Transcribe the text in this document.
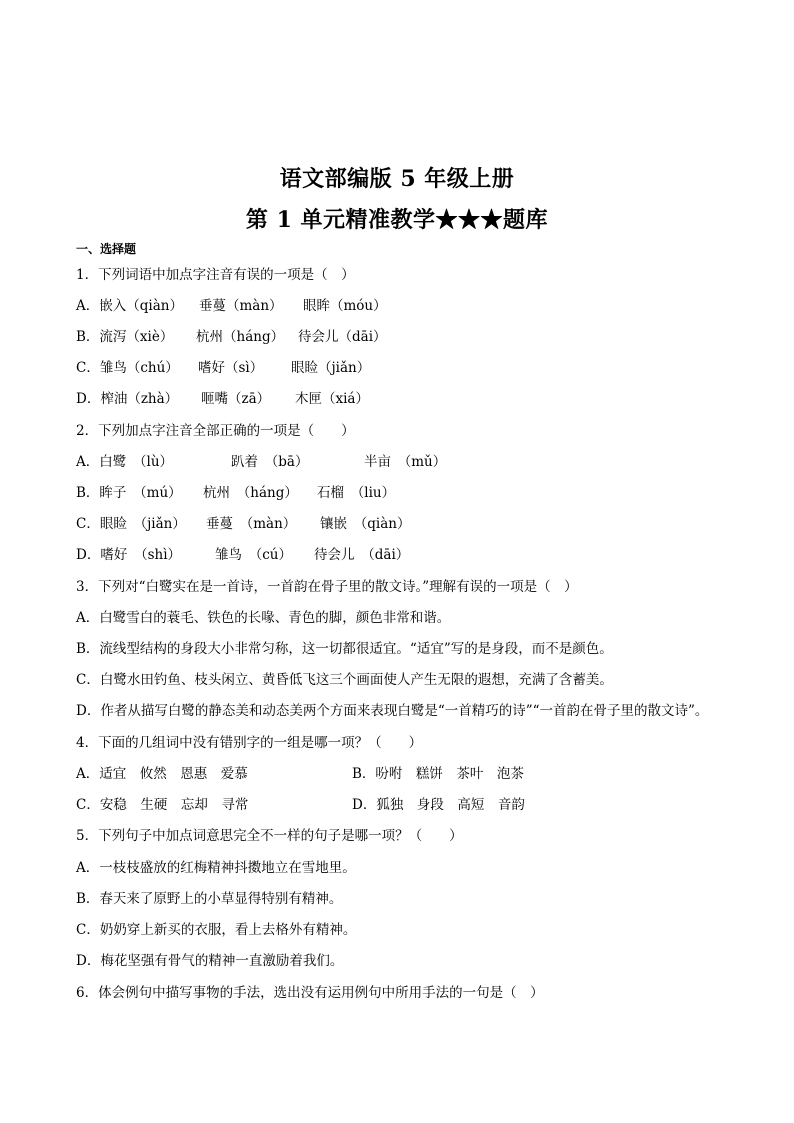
语文部编版 5 年级上册
第 1 单元精准教学★★★题库
一、选择题
1．下列词语中加点字注音有误的一项是（　）
A．嵌入（qiàn） 垂蔓（màn） 眼眸（móu）
B．流泻（xiè） 杭州（háng） 待会儿（dāi）
C．雏鸟（chú） 嗜好（sì） 眼睑（jiǎn）
D．榨油（zhà） 咂嘴（zā） 木匣（xiá）
2．下列加点字注音全部正确的一项是（　　）
A．白鹭　（lù）	趴着　（bā）	半亩　（mǔ）
B．眸子　（mú） 杭州　（háng） 石榴　（liu）
C．眼睑　（jiǎn） 垂蔓　（màn） 镶嵌　（qiàn）
D．嗜好　（shì）	雏鸟　（cú） 待会儿　（dāi）
3．下列对“白鹭实在是一首诗，一首韵在骨子里的散文诗。”理解有误的一项是（　）
A．白鹭雪白的蓑毛、铁色的长喙、青色的脚，颜色非常和谐。
B．流线型结构的身段大小非常匀称，这一切都很适宜。“适宜”写的是身段，而不是颜色。
C．白鹭水田钓鱼、枝头闲立、黄昏低飞这三个画面使人产生无限的遐想，充满了含蓄美。
D．作者从描写白鹭的静态美和动态美两个方面来表现白鹭是“一首精巧的诗”“一首韵在骨子里的散文诗”。
4．下面的几组词中没有错别字的一组是哪一项？（　　）
A．适宜　攸然　恩惠　爱慕	B．吩咐　糕饼　茶叶　泡茶
C．安稳　生硬　忘却　寻常	D．狐独　身段　高短　音韵
5．下列句子中加点词意思完全不一样的句子是哪一项？（　　）
A．一枝枝盛放的红梅精神抖擞地立在雪地里。
B．春天来了原野上的小草显得特别有精神。
C．奶奶穿上新买的衣服，看上去格外有精神。
D．梅花坚强有骨气的精神一直激励着我们。
6．体会例句中描写事物的手法，选出没有运用例句中所用手法的一句是（　）
